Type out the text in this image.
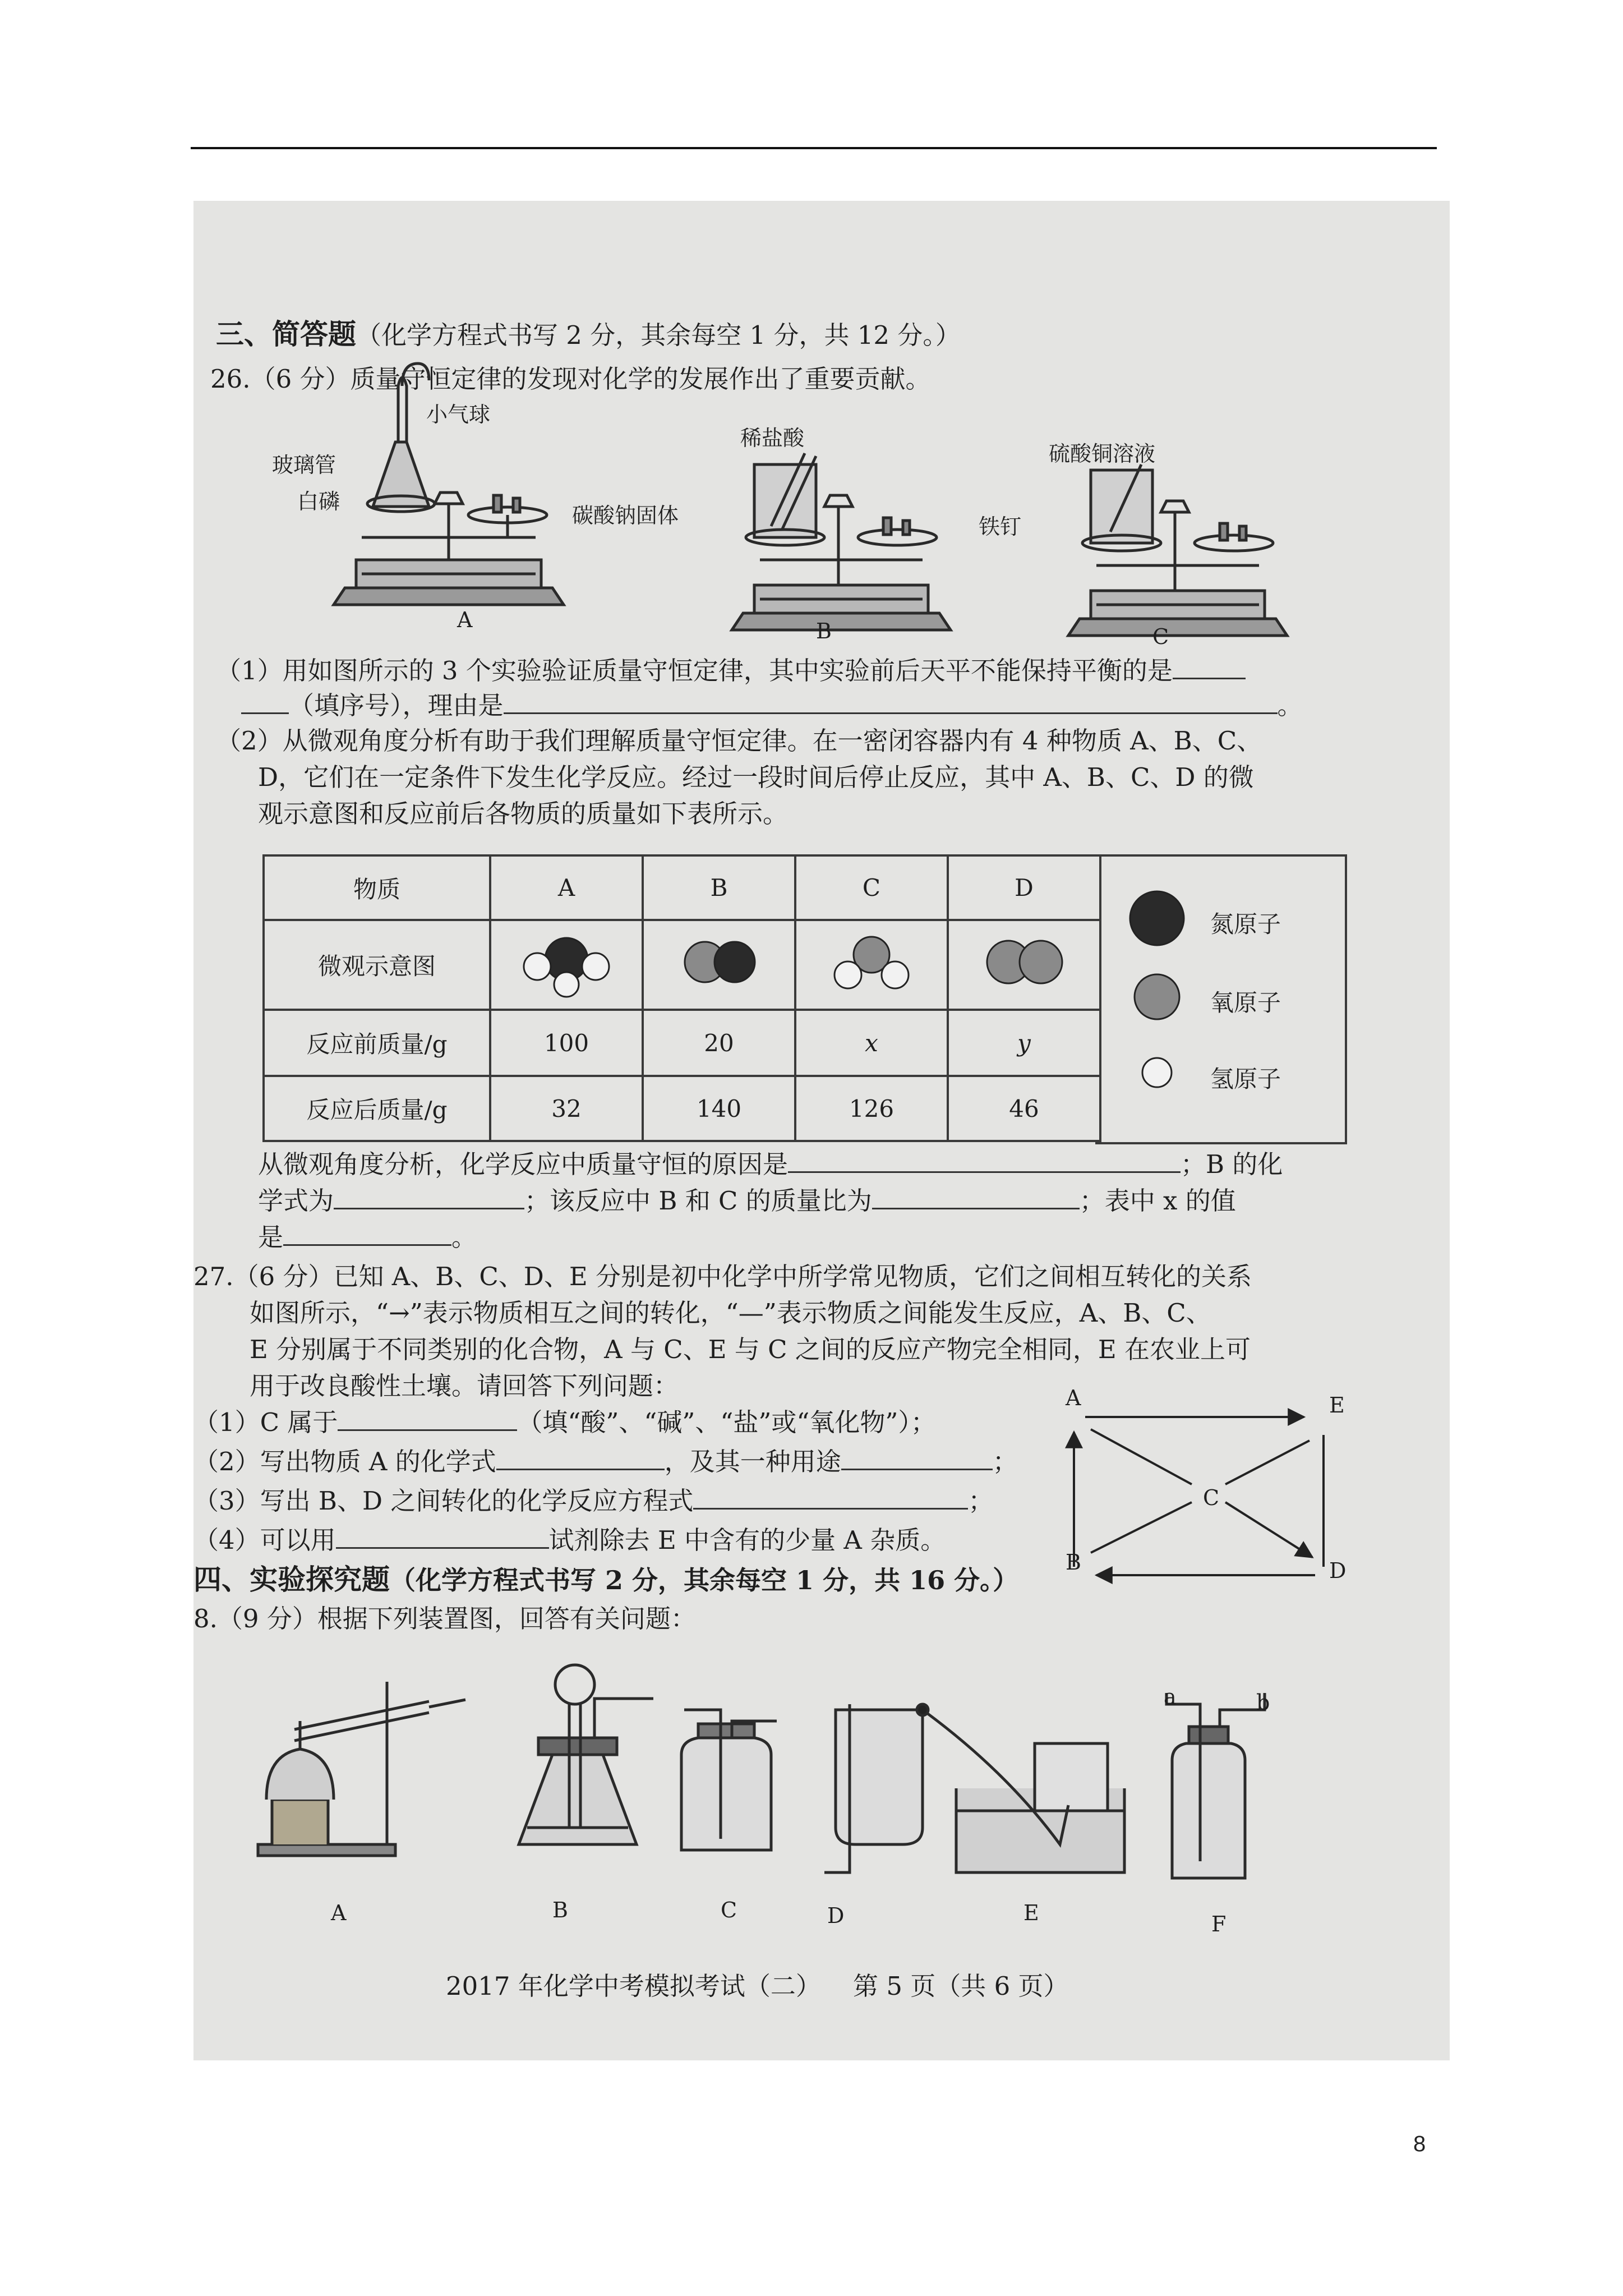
三、简答题（化学方程式书写 2 分，其余每空 1 分，共 12 分。）
26.（6 分）质量守恒定律的发现对化学的发展作出了重要贡献。
小气球
玻璃管
白磷
稀盐酸
碳酸钠固体
硫酸铜溶液
铁钉
A	B	C
（1）用如图所示的 3 个实验验证质量守恒定律，其中实验前后天平不能保持平衡的是
（填序号），理由是	。
（2）从微观角度分析有助于我们理解质量守恒定律。在一密闭容器内有 4 种物质 A、B、C、
D，它们在一定条件下发生化学反应。经过一段时间后停止反应，其中 A、B、C、D 的微
观示意图和反应前后各物质的质量如下表所示。
物质	A	B	C	D
微观示意图				
反应前质量/g	100	20	x	y
反应后质量/g	32	140	126	46
氮原子
氧原子
氢原子
从微观角度分析，化学反应中质量守恒的原因是	；B 的化
学式为	；该反应中 B 和 C 的质量比为	；表中 x 的值
是	。
27.（6 分）已知 A、B、C、D、E 分别是初中化学中所学常见物质，它们之间相互转化的关系
如图所示，“→”表示物质相互之间的转化，“—”表示物质之间能发生反应，A、B、C、
E 分别属于不同类别的化合物，A 与 C、E 与 C 之间的反应产物完全相同，E 在农业上可
用于改良酸性土壤。请回答下列问题：
（1）C 属于	（填“酸”、“碱”、“盐”或“氧化物”）；
（2）写出物质 A 的化学式	，及其一种用途	；
（3）写出 B、D 之间转化的化学反应方程式	；
（4）可以用	试剂除去 E 中含有的少量 A 杂质。
A	E
C
B	D
四、实验探究题（化学方程式书写 2 分，其余每空 1 分，共 16 分。）
8.（9 分）根据下列装置图，回答有关问题：
a	b
A	B	C	D	E	F
2017 年化学中考模拟考试（二）    第 5 页（共 6 页）
8
